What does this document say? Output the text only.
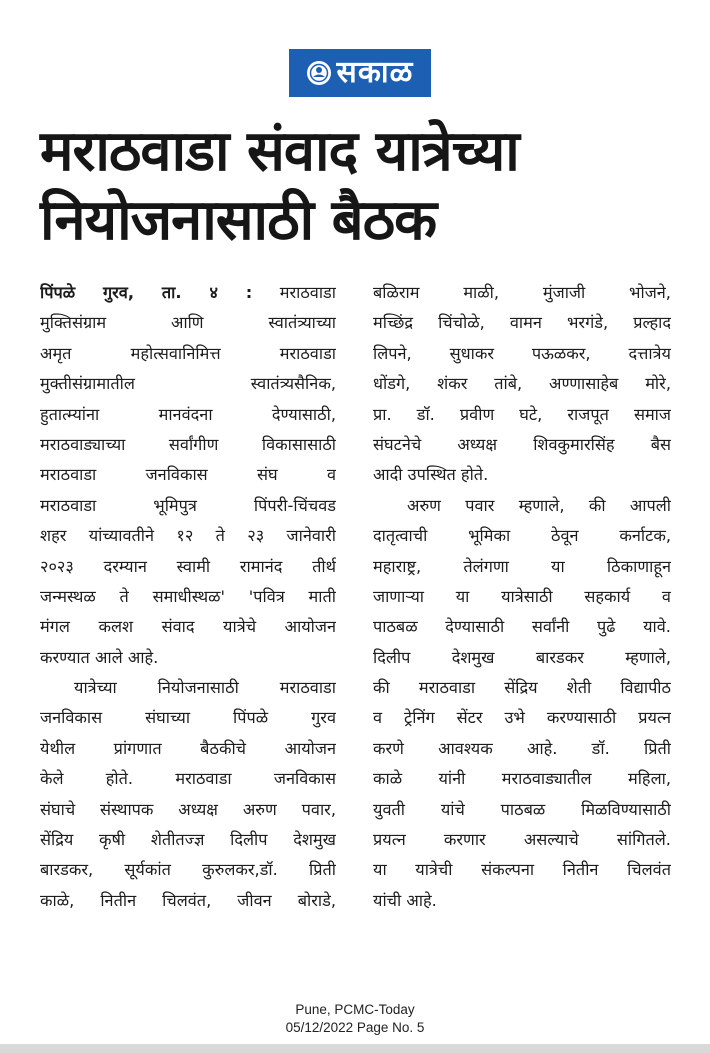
सकाळ
मराठवाडा संवाद यात्रेच्या
नियोजनासाठी बैठक
पिंपळे गुरव, ता. ४ : मराठवाडा
मुक्तिसंग्राम आणि स्वातंत्र्याच्या
अमृत महोत्सवानिमित्त मराठवाडा
मुक्तीसंग्रामातील स्वातंत्र्यसैनिक,
हुतात्म्यांना मानवंदना देण्यासाठी,
मराठवाड्याच्या सर्वांगीण विकासासाठी
मराठवाडा जनविकास संघ व
मराठवाडा भूमिपुत्र पिंपरी-चिंचवड
शहर यांच्यावतीने १२ ते २३ जानेवारी
२०२३ दरम्यान स्वामी रामानंद तीर्थ
जन्मस्थळ ते समाधीस्थळ' 'पवित्र माती
मंगल कलश संवाद यात्रेचे आयोजन
करण्यात आले आहे.
यात्रेच्या नियोजनासाठी मराठवाडा
जनविकास संघाच्या पिंपळे गुरव
येथील प्रांगणात बैठकीचे आयोजन
केले होते. मराठवाडा जनविकास
संघाचे संस्थापक अध्यक्ष अरुण पवार,
सेंद्रिय कृषी शेतीतज्ज्ञ दिलीप देशमुख
बारडकर, सूर्यकांत कुरुलकर,डॉ. प्रिती
काळे, नितीन चिलवंत, जीवन बोराडे,
बळिराम माळी, मुंजाजी भोजने,
मच्छिंद्र चिंचोळे, वामन भरगंडे, प्रल्हाद
लिपने, सुधाकर पऊळकर, दत्तात्रेय
धोंडगे, शंकर तांबे, अण्णासाहेब मोरे,
प्रा. डॉ. प्रवीण घटे, राजपूत समाज
संघटनेचे अध्यक्ष शिवकुमारसिंह बैस
आदी उपस्थित होते.
अरुण पवार म्हणाले, की आपली
दातृत्वाची भूमिका ठेवून कर्नाटक,
महाराष्ट्र, तेलंगणा या ठिकाणाहून
जाणाऱ्या या यात्रेसाठी सहकार्य व
पाठबळ देण्यासाठी सर्वांनी पुढे यावे.
दिलीप देशमुख बारडकर म्हणाले,
की मराठवाडा सेंद्रिय शेती विद्यापीठ
व ट्रेनिंग सेंटर उभे करण्यासाठी प्रयत्न
करणे आवश्यक आहे. डॉ. प्रिती
काळे यांनी मराठवाड्यातील महिला,
युवती यांचे पाठबळ मिळविण्यासाठी
प्रयत्न करणार असल्याचे सांगितले.
या यात्रेची संकल्पना नितीन चिलवंत
यांची आहे.
Pune, PCMC-Today
05/12/2022 Page No. 5
